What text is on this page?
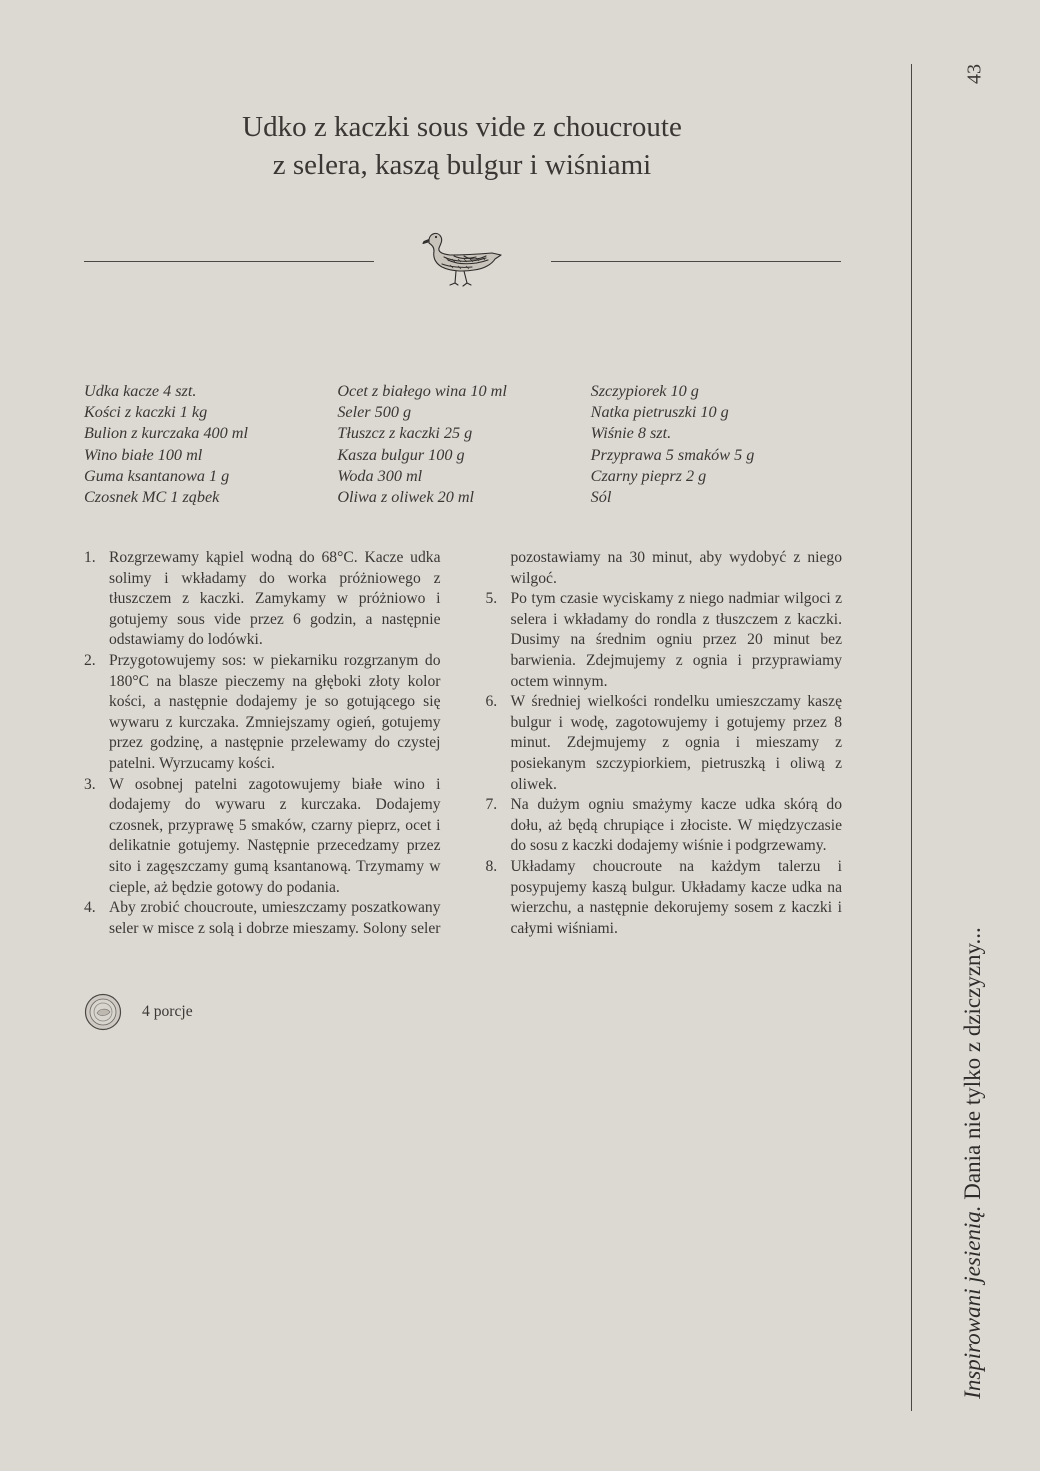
Udko z kaczki sous vide z choucroute
z selera, kaszą bulgur i wiśniami
Udka kacze 4 szt.
Kości z kaczki 1 kg
Bulion z kurczaka 400 ml
Wino białe 100 ml
Guma ksantanowa 1 g
Czosnek MC 1 ząbek
Ocet z białego wina 10 ml
Seler 500 g
Tłuszcz z kaczki 25 g
Kasza bulgur 100 g
Woda 300 ml
Oliwa z oliwek 20 ml
Szczypiorek 10 g
Natka pietruszki 10 g
Wiśnie 8 szt.
Przyprawa 5 smaków 5 g
Czarny pieprz 2 g
Sól
1. Rozgrzewamy kąpiel wodną do 68°C. Kacze udka solimy i wkładamy do worka próżniowego z tłuszczem z kaczki. Zamykamy w próżniowo i gotujemy sous vide przez 6 godzin, a następnie odstawiamy do lodówki.
2. Przygotowujemy sos: w piekarniku rozgrzanym do 180°C na blasze pieczemy na głęboki złoty kolor kości, a następnie dodajemy je so gotującego się wywaru z kurczaka. Zmniejszamy ogień, gotujemy przez godzinę, a następnie przelewamy do czystej patelni. Wyrzucamy kości.
3. W osobnej patelni zagotowujemy białe wino i dodajemy do wywaru z kurczaka. Dodajemy czosnek, przyprawę 5 smaków, czarny pieprz, ocet i delikatnie gotujemy. Następnie przecedzamy przez sito i zagęszczamy gumą ksantanową. Trzymamy w cieple, aż będzie gotowy do podania.
4. Aby zrobić choucroute, umieszczamy poszatkowany seler w misce z solą i dobrze mieszamy. Solony seler pozostawiamy na 30 minut, aby wydobyć z niego wilgoć.
5. Po tym czasie wyciskamy z niego nadmiar wilgoci z selera i wkładamy do rondla z tłuszczem z kaczki. Dusimy na średnim ogniu przez 20 minut bez barwienia. Zdejmujemy z ognia i przyprawiamy octem winnym.
6. W średniej wielkości rondelku umieszczamy kaszę bulgur i wodę, zagotowujemy i gotujemy przez 8 minut. Zdejmujemy z ognia i mieszamy z posiekanym szczypiorkiem, pietruszką i oliwą z oliwek.
7. Na dużym ogniu smażymy kacze udka skórą do dołu, aż będą chrupiące i złociste. W międzyczasie do sosu z kaczki dodajemy wiśnie i podgrzewamy.
8. Układamy choucroute na każdym talerzu i posypujemy kaszą bulgur. Układamy kacze udka na wierzchu, a następnie dekorujemy sosem z kaczki i całymi wiśniami.
4 porcje
43
Inspirowani jesienią. Dania nie tylko z dziczyzny...
